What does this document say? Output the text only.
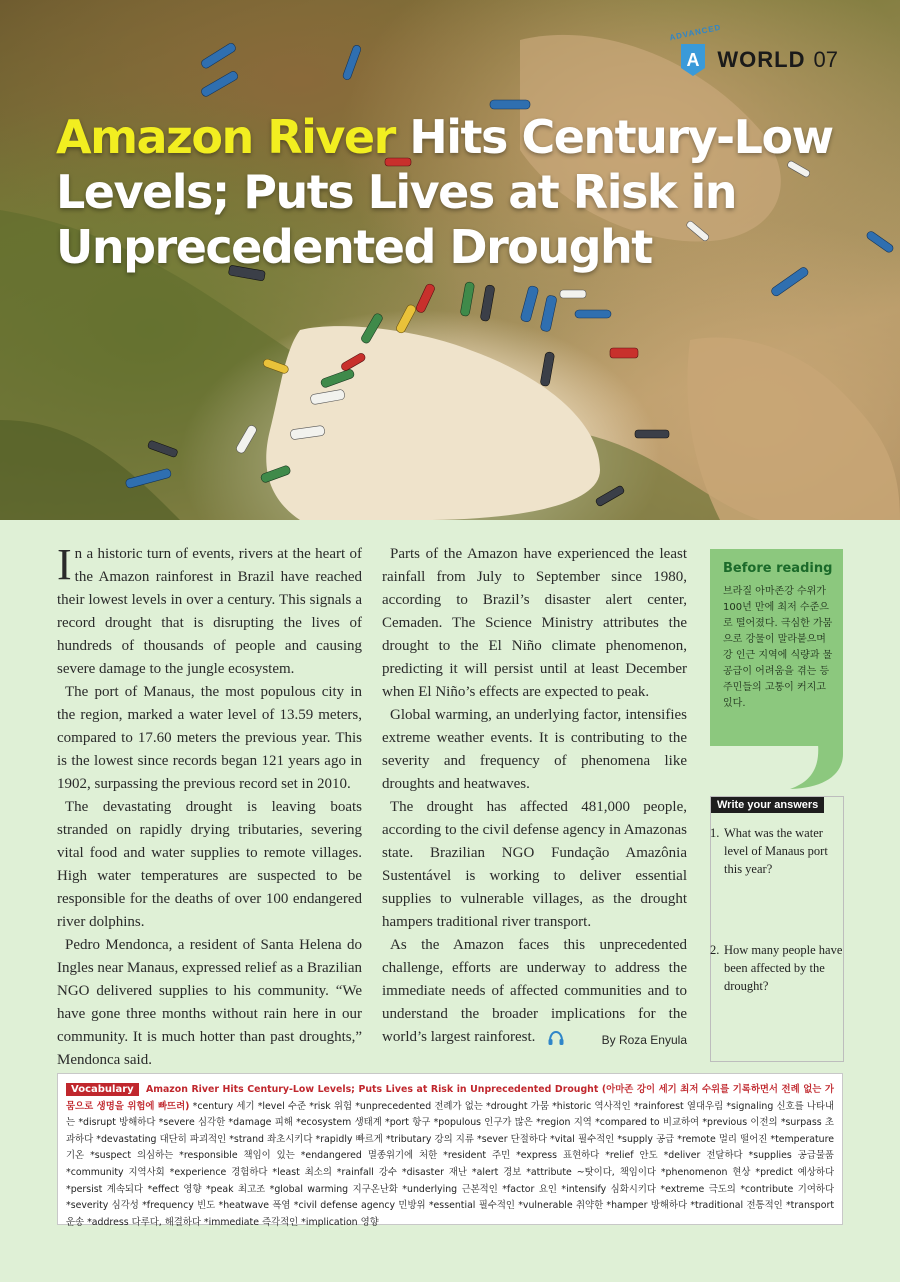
ADVANCED
A WORLD 07
Amazon River Hits Century-Low Levels; Puts Lives at Risk in Unprecedented Drought

In a historic turn of events, rivers at the heart of the Amazon rainforest in Brazil have reached their lowest levels in over a century. This signals a record drought that is disrupting the lives of hundreds of thousands of people and causing severe damage to the jungle ecosystem.

The port of Manaus, the most populous city in the region, marked a water level of 13.59 meters, compared to 17.60 meters the previous year. This is the lowest since records began 121 years ago in 1902, surpassing the previous record set in 2010.

The devastating drought is leaving boats stranded on rapidly drying tributaries, severing vital food and water supplies to remote villages. High water temperatures are suspected to be responsible for the deaths of over 100 endangered river dolphins.

Pedro Mendonca, a resident of Santa Helena do Ingles near Manaus, expressed relief as a Brazilian NGO delivered supplies to his community. “We have gone three months without rain here in our community. It is much hotter than past droughts,” Mendonca said.

Parts of the Amazon have experienced the least rainfall from July to September since 1980, according to Brazil’s disaster alert center, Cemaden. The Science Ministry attributes the drought to the El Niño climate phenomenon, predicting it will persist until at least December when El Niño’s effects are expected to peak.

Global warming, an underlying factor, intensifies extreme weather events. It is contributing to the severity and frequency of phenomena like droughts and heatwaves.

The drought has affected 481,000 people, according to the civil defense agency in Amazonas state. Brazilian NGO Fundação Amazônia Sustentável is working to deliver essential supplies to vulnerable villages, as the drought hampers traditional river transport.

As the Amazon faces this unprecedented challenge, efforts are underway to address the immediate needs of affected communities and to understand the broader implications for the world’s largest rainforest.	By Roza Enyula

Before reading
브라질 아마존강 수위가 100년 만에 최저 수준으로 떨어졌다. 극심한 가뭄으로 강물이 말라붙으며 강 인근 지역에 식량과 물 공급이 어려움을 겪는 등 주민들의 고통이 커지고 있다.
Write your answers
1. What was the water level of Manaus port this year?
2. How many people have been affected by the drought?
Vocabulary Amazon River Hits Century-Low Levels; Puts Lives at Risk in Unprecedented Drought (아마존 강이 세기 최저 수위를 기록하면서 전례 없는 가뭄으로 생명을 위험에 빠뜨려) *century 세기 *level 수준 *risk 위험 *unprecedented 전례가 없는 *drought 가뭄 *historic 역사적인 *rainforest 열대우림 *signaling 신호를 나타내는 *disrupt 방해하다 *severe 심각한 *damage 피해 *ecosystem 생태계 *port 항구 *populous 인구가 많은 *region 지역 *compared to 비교하여 *previous 이전의 *surpass 초과하다 *devastating 대단히 파괴적인 *strand 좌초시키다 *rapidly 빠르게 *tributary 강의 지류 *sever 단절하다 *vital 필수적인 *supply 공급 *remote 멀리 떨어진 *temperature 기온 *suspect 의심하는 *responsible 책임이 있는 *endangered 멸종위기에 처한 *resident 주민 *express 표현하다 *relief 안도 *deliver 전달하다 *supplies 공급물품 *community 지역사회 *experience 경험하다 *least 최소의 *rainfall 강수 *disaster 재난 *alert 경보 *attribute ~탓이다, 책임이다 *phenomenon 현상 *predict 예상하다 *persist 계속되다 *effect 영향 *peak 최고조 *global warming 지구온난화 *underlying 근본적인 *factor 요인 *intensify 심화시키다 *extreme 극도의 *contribute 기여하다 *severity 심각성 *frequency 빈도 *heatwave 폭염 *civil defense agency 민방위 *essential 필수적인 *vulnerable 취약한 *hamper 방해하다 *traditional 전통적인 *transport 운송 *address 다루다, 해결하다 *immediate 즉각적인 *implication 영향
